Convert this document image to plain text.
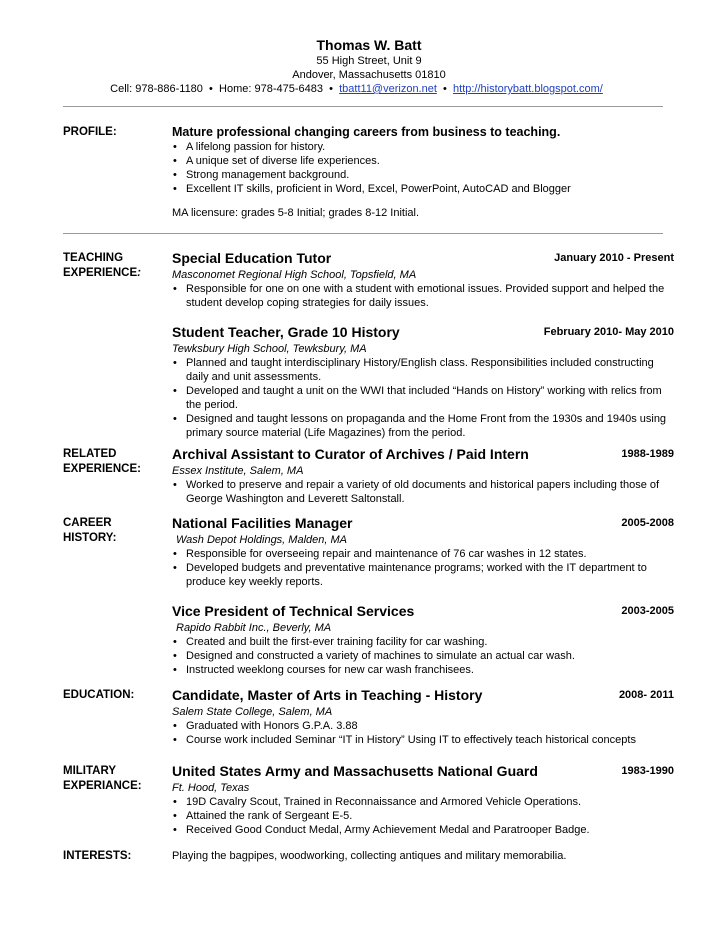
Thomas W. Batt
55 High Street, Unit 9
Andover, Massachusetts 01810
Cell: 978-886-1180 • Home: 978-475-6483 • tbatt11@verizon.net • http://historybatt.blogspot.com/
PROFILE:	Mature professional changing careers from business to teaching.
• A lifelong passion for history.
• A unique set of diverse life experiences.
• Strong management background.
• Excellent IT skills, proficient in Word, Excel, PowerPoint, AutoCAD and Blogger
MA licensure: grades 5-8 Initial; grades 8-12 Initial.
TEACHING
EXPERIENCE:
Special Education Tutor	January 2010 - Present
Masconomet Regional High School, Topsfield, MA
• Responsible for one on one with a student with emotional issues. Provided support and helped the student develop coping strategies for daily issues.
Student Teacher, Grade 10 History	February 2010- May 2010
Tewksbury High School, Tewksbury, MA
• Planned and taught interdisciplinary History/English class. Responsibilities included constructing daily and unit assessments.
• Developed and taught a unit on the WWI that included “Hands on History” working with relics from the period.
• Designed and taught lessons on propaganda and the Home Front from the 1930s and 1940s using primary source material (Life Magazines) from the period.
RELATED
EXPERIENCE:
Archival Assistant to Curator of Archives / Paid Intern	1988-1989
Essex Institute, Salem, MA
• Worked to preserve and repair a variety of old documents and historical papers including those of George Washington and Leverett Saltonstall.
CAREER
HISTORY:
National Facilities Manager	2005-2008
Wash Depot Holdings, Malden, MA
• Responsible for overseeing repair and maintenance of 76 car washes in 12 states.
• Developed budgets and preventative maintenance programs; worked with the IT department to produce key weekly reports.
Vice President of Technical Services	2003-2005
Rapido Rabbit Inc., Beverly, MA
• Created and built the first-ever training facility for car washing.
• Designed and constructed a variety of machines to simulate an actual car wash.
• Instructed weeklong courses for new car wash franchisees.
EDUCATION:	Candidate, Master of Arts in Teaching - History	2008- 2011
Salem State College, Salem, MA
• Graduated with Honors G.P.A. 3.88
• Course work included Seminar “IT in History” Using IT to effectively teach historical concepts
MILITARY
EXPERIANCE:
United States Army and Massachusetts National Guard	1983-1990
Ft. Hood, Texas
• 19D Cavalry Scout, Trained in Reconnaissance and Armored Vehicle Operations.
• Attained the rank of Sergeant E-5.
• Received Good Conduct Medal, Army Achievement Medal and Paratrooper Badge.
INTERESTS:	Playing the bagpipes, woodworking, collecting antiques and military memorabilia.
